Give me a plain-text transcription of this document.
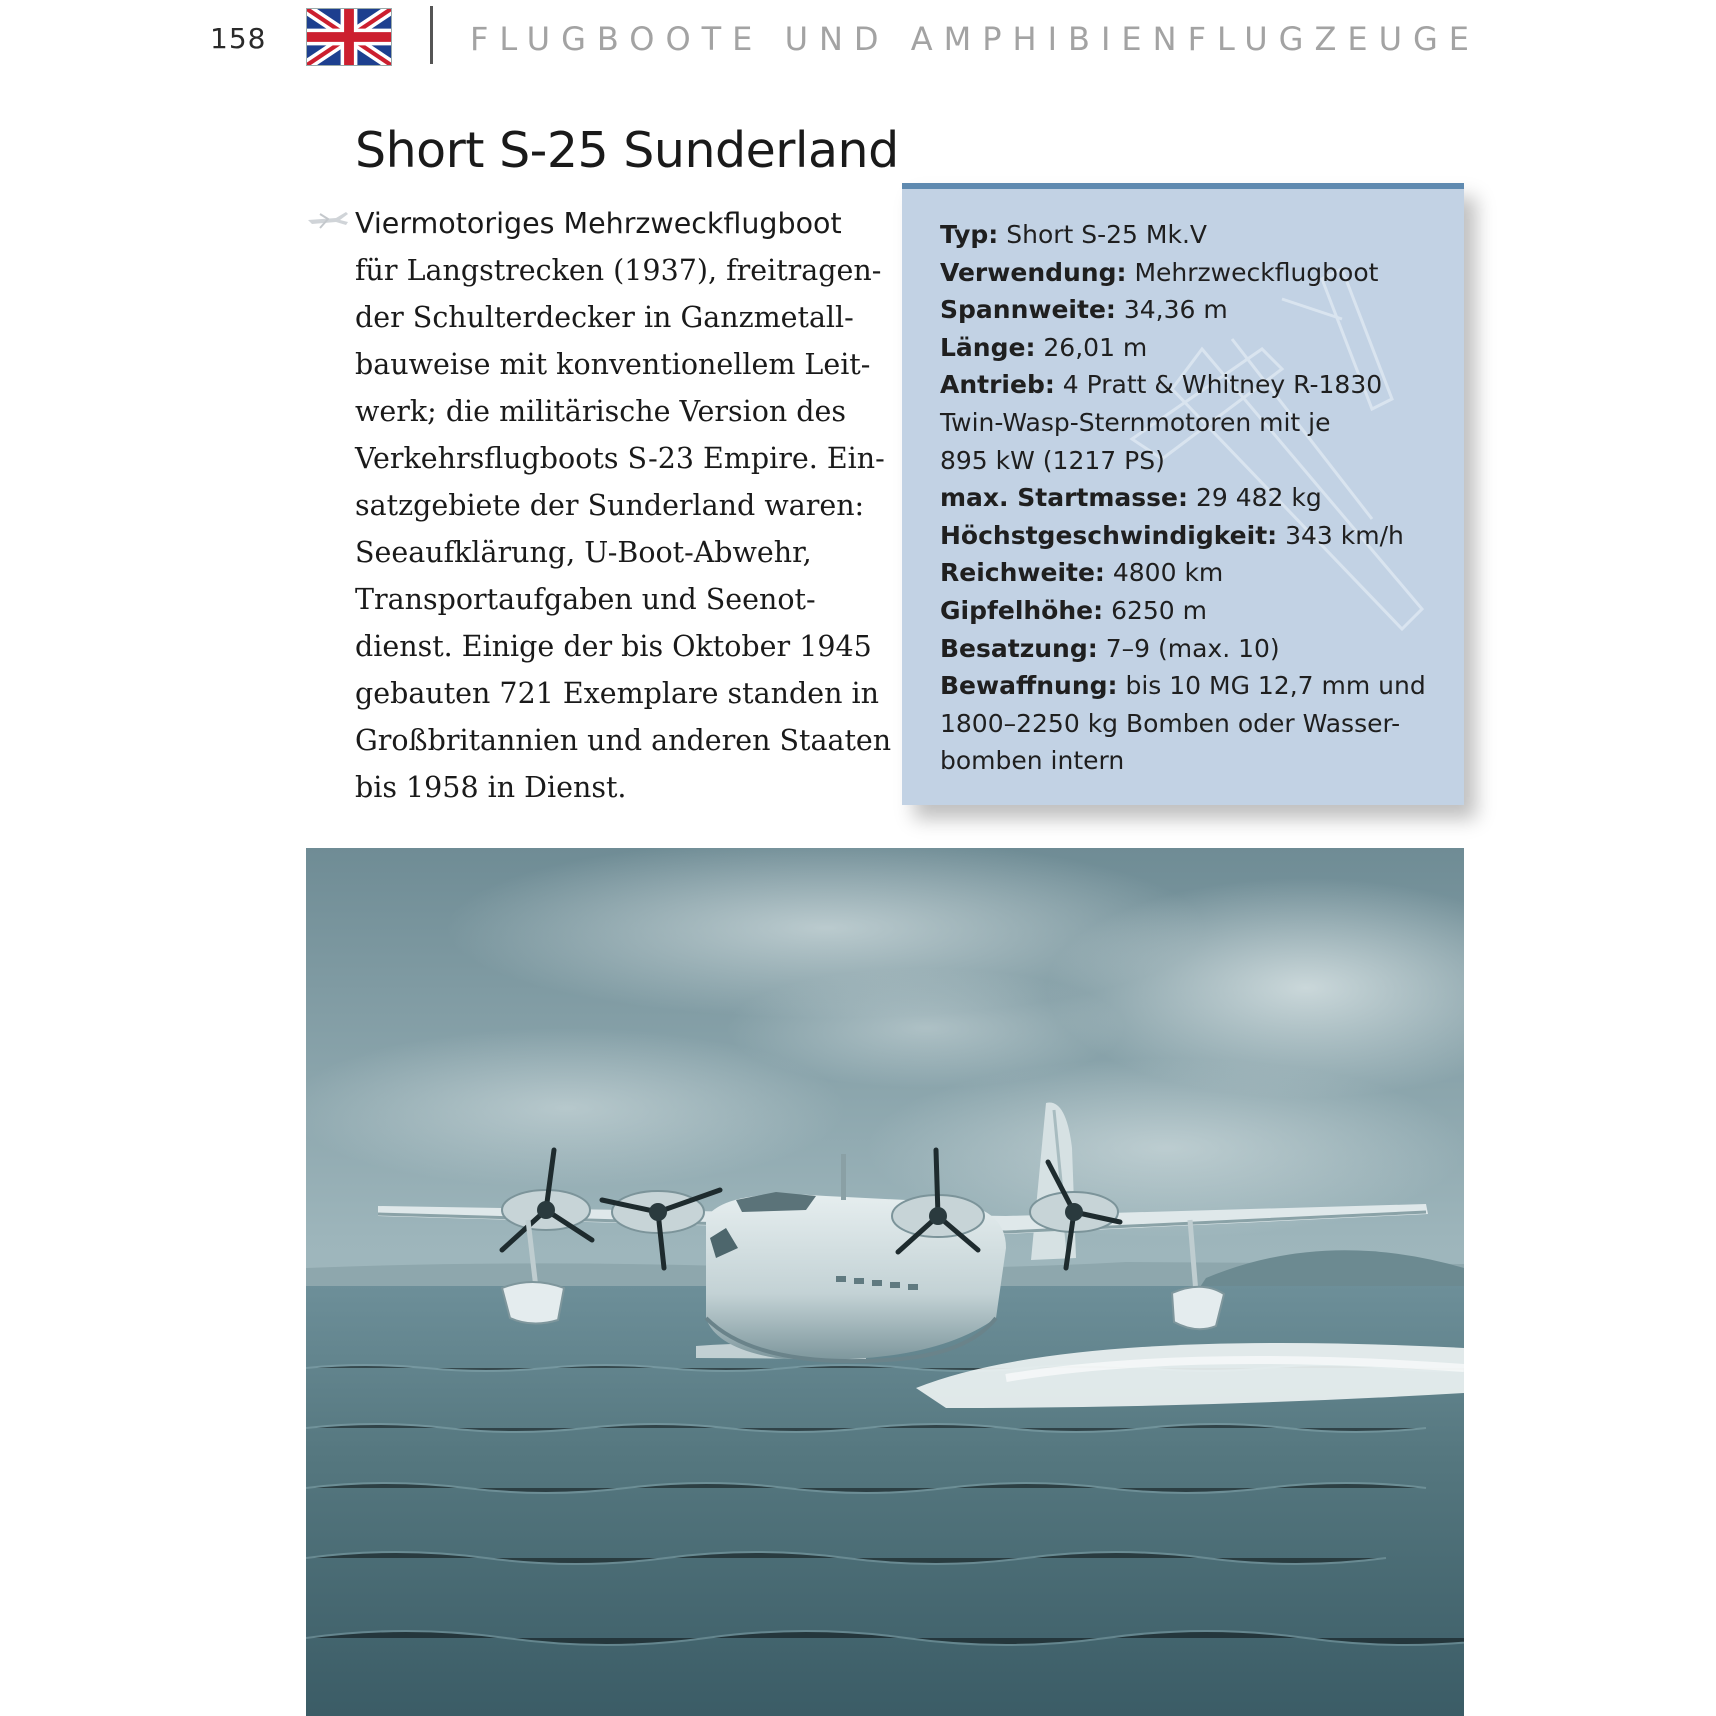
158	FLUGBOOTE UND AMPHIBIENFLUGZEUGE
Short S-25 Sunderland
Viermotoriges Mehrzweckflugboot
für Langstrecken (1937), freitragen-
der Schulterdecker in Ganzmetall-
bauweise mit konventionellem Leit-
werk; die militärische Version des
Verkehrsflugboots S-23 Empire. Ein-
satzgebiete der Sunderland waren:
Seeaufklärung, U-Boot-Abwehr,
Transportaufgaben und Seenot-
dienst. Einige der bis Oktober 1945
gebauten 721 Exemplare standen in
Großbritannien und anderen Staaten
bis 1958 in Dienst.
Typ: Short S-25 Mk.V
Verwendung: Mehrzweckflugboot
Spannweite: 34,36 m
Länge: 26,01 m
Antrieb: 4 Pratt & Whitney R-1830
Twin-Wasp-Sternmotoren mit je
895 kW (1217 PS)
max. Startmasse: 29 482 kg
Höchstgeschwindigkeit: 343 km/h
Reichweite: 4800 km
Gipfelhöhe: 6250 m
Besatzung: 7–9 (max. 10)
Bewaffnung: bis 10 MG 12,7 mm und
1800–2250 kg Bomben oder Wasser-
bomben intern
